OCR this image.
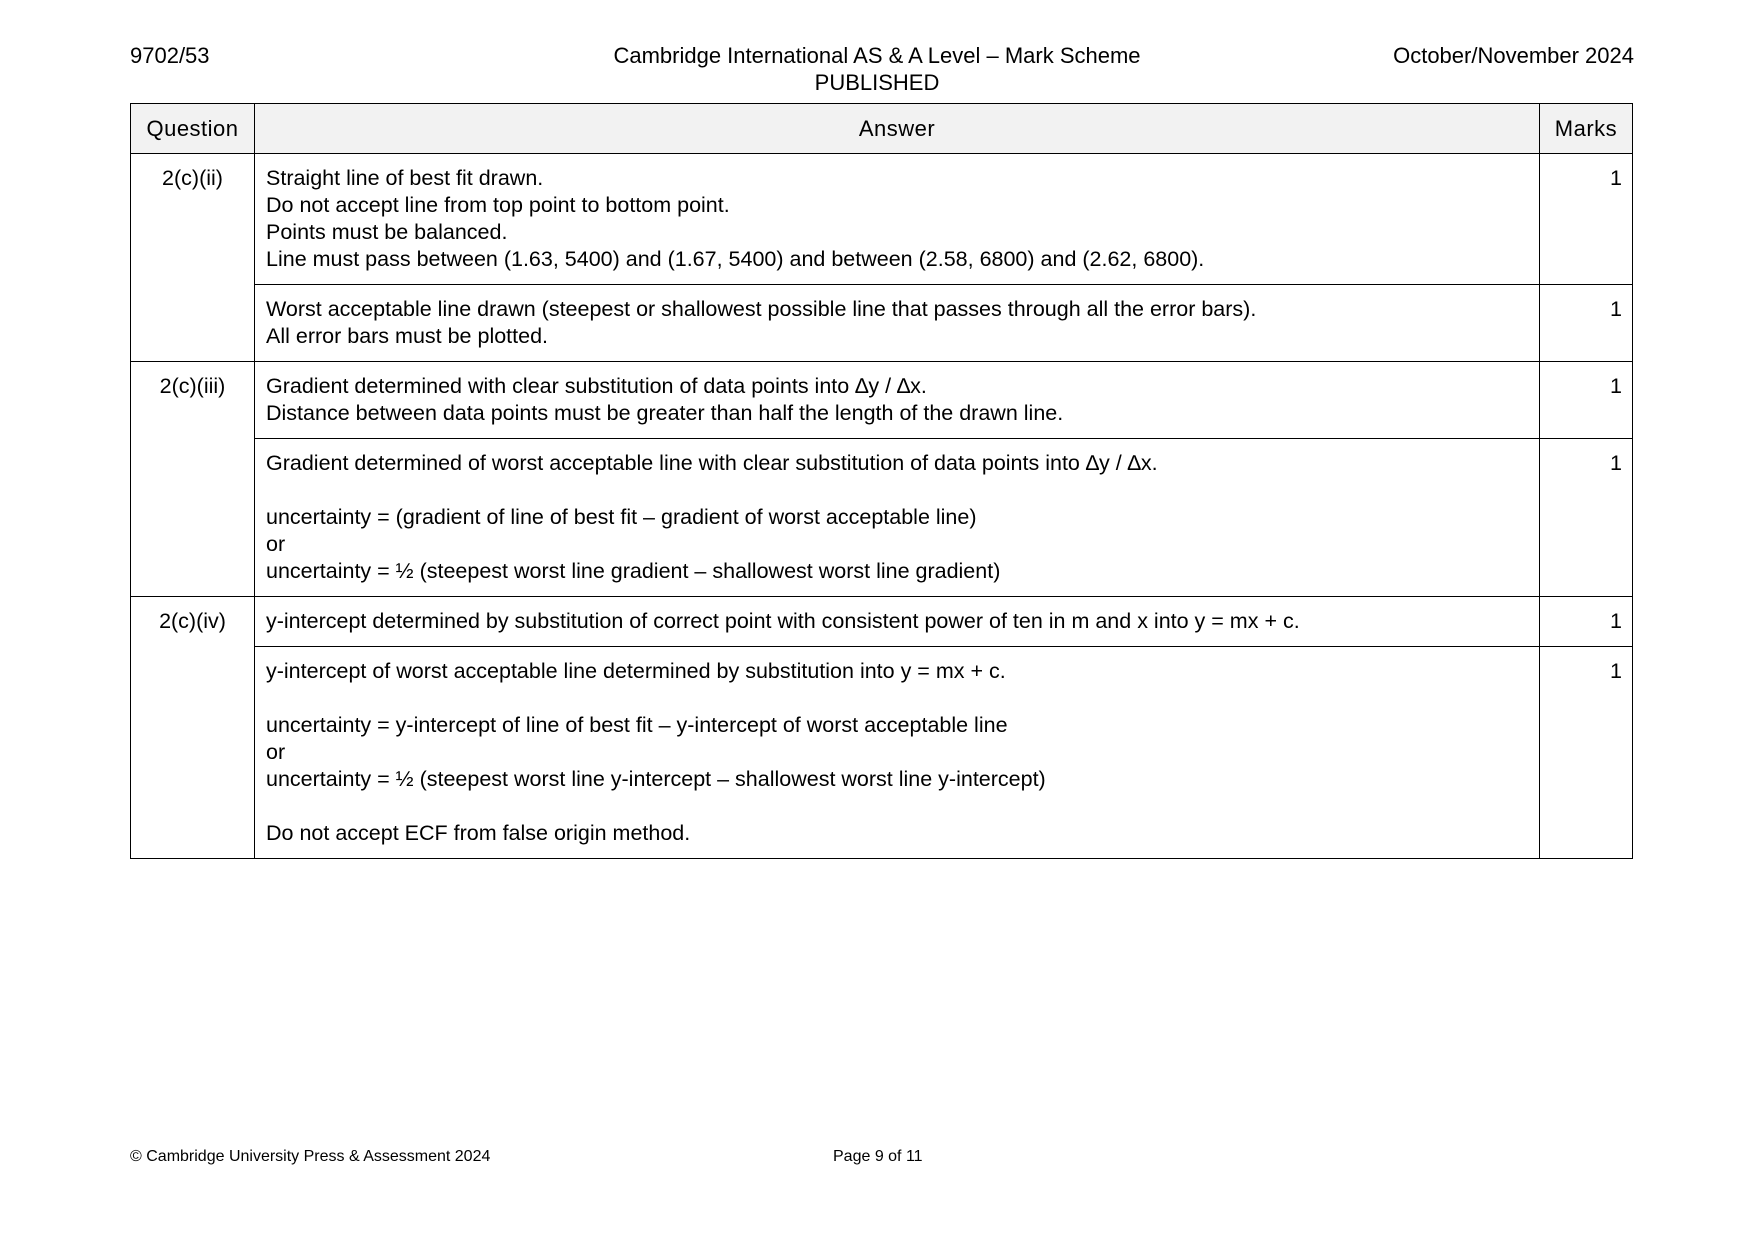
9702/53	Cambridge International AS & A Level – Mark Scheme
PUBLISHED
October/November 2024
Question	Answer	Marks
2(c)(ii)	Straight line of best fit drawn.
Do not accept line from top point to bottom point.
Points must be balanced.
Line must pass between (1.63, 5400) and (1.67, 5400) and between (2.58, 6800) and (2.62, 6800).	1

	Worst acceptable line drawn (steepest or shallowest possible line that passes through all the error bars).
All error bars must be plotted.	1
2(c)(iii)	Gradient determined with clear substitution of data points into ∆y / ∆x.
Distance between data points must be greater than half the length of the drawn line.	1

	Gradient determined of worst acceptable line with clear substitution of data points into ∆y / ∆x.
uncertainty = (gradient of line of best fit – gradient of worst acceptable line)
or
uncertainty = ½ (steepest worst line gradient – shallowest worst line gradient)	1
2(c)(iv)	y-intercept determined by substitution of correct point with consistent power of ten in m and x into y = mx + c.	1

	y-intercept of worst acceptable line determined by substitution into y = mx + c.
uncertainty = y-intercept of line of best fit – y-intercept of worst acceptable line
or
uncertainty = ½ (steepest worst line y-intercept – shallowest worst line y-intercept)
Do not accept ECF from false origin method.	1
© Cambridge University Press & Assessment 2024	Page 9 of 11
